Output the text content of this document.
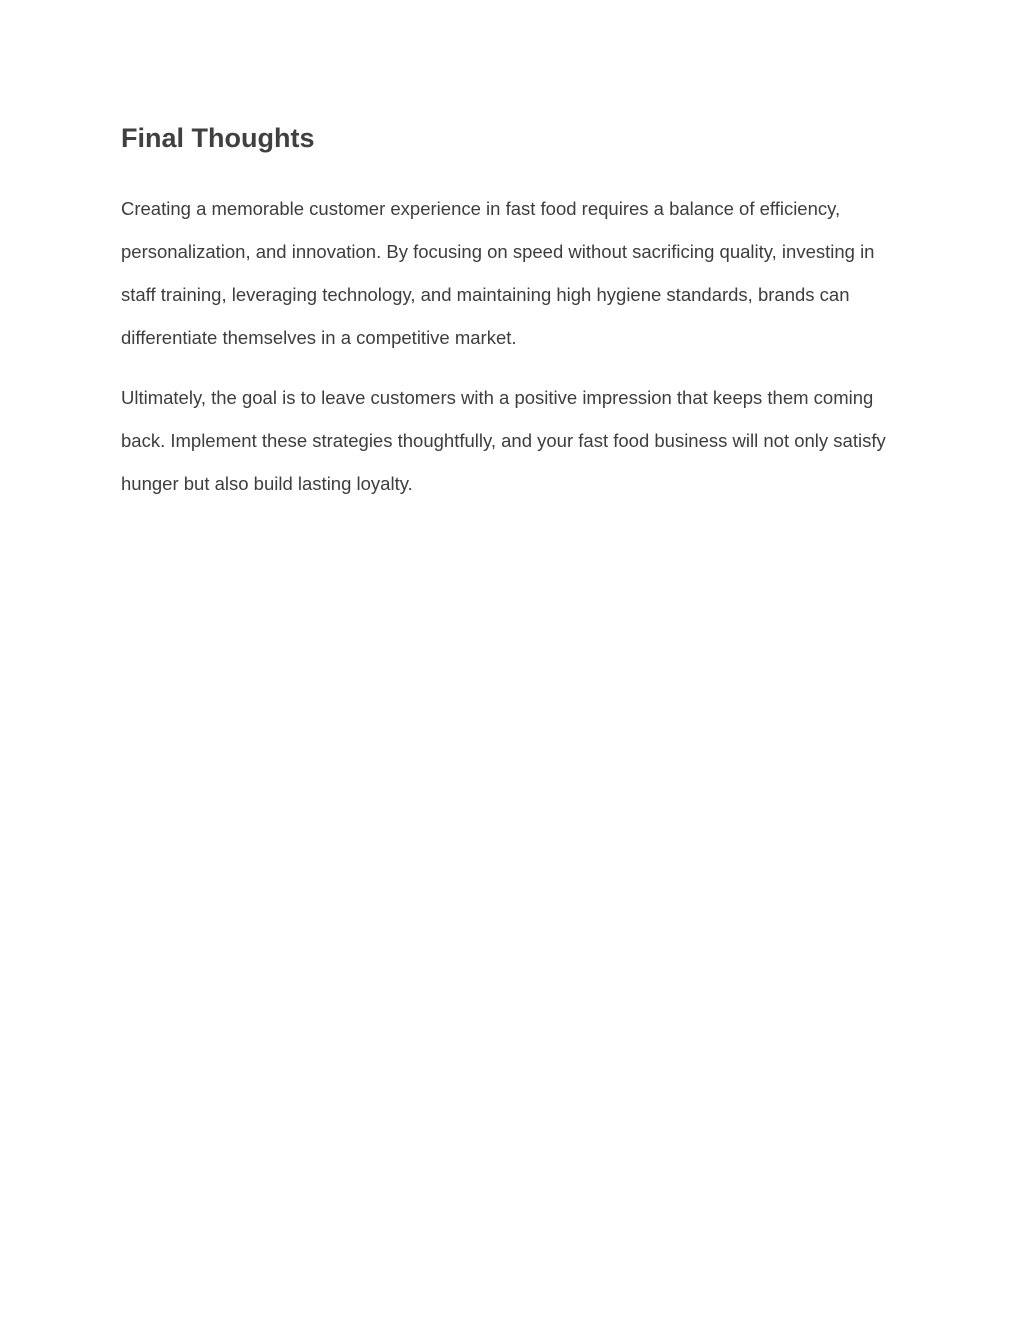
Final Thoughts

Creating a memorable customer experience in fast food requires a balance of efficiency, personalization, and innovation. By focusing on speed without sacrificing quality, investing in staff training, leveraging technology, and maintaining high hygiene standards, brands can differentiate themselves in a competitive market.

Ultimately, the goal is to leave customers with a positive impression that keeps them coming back. Implement these strategies thoughtfully, and your fast food business will not only satisfy hunger but also build lasting loyalty.
